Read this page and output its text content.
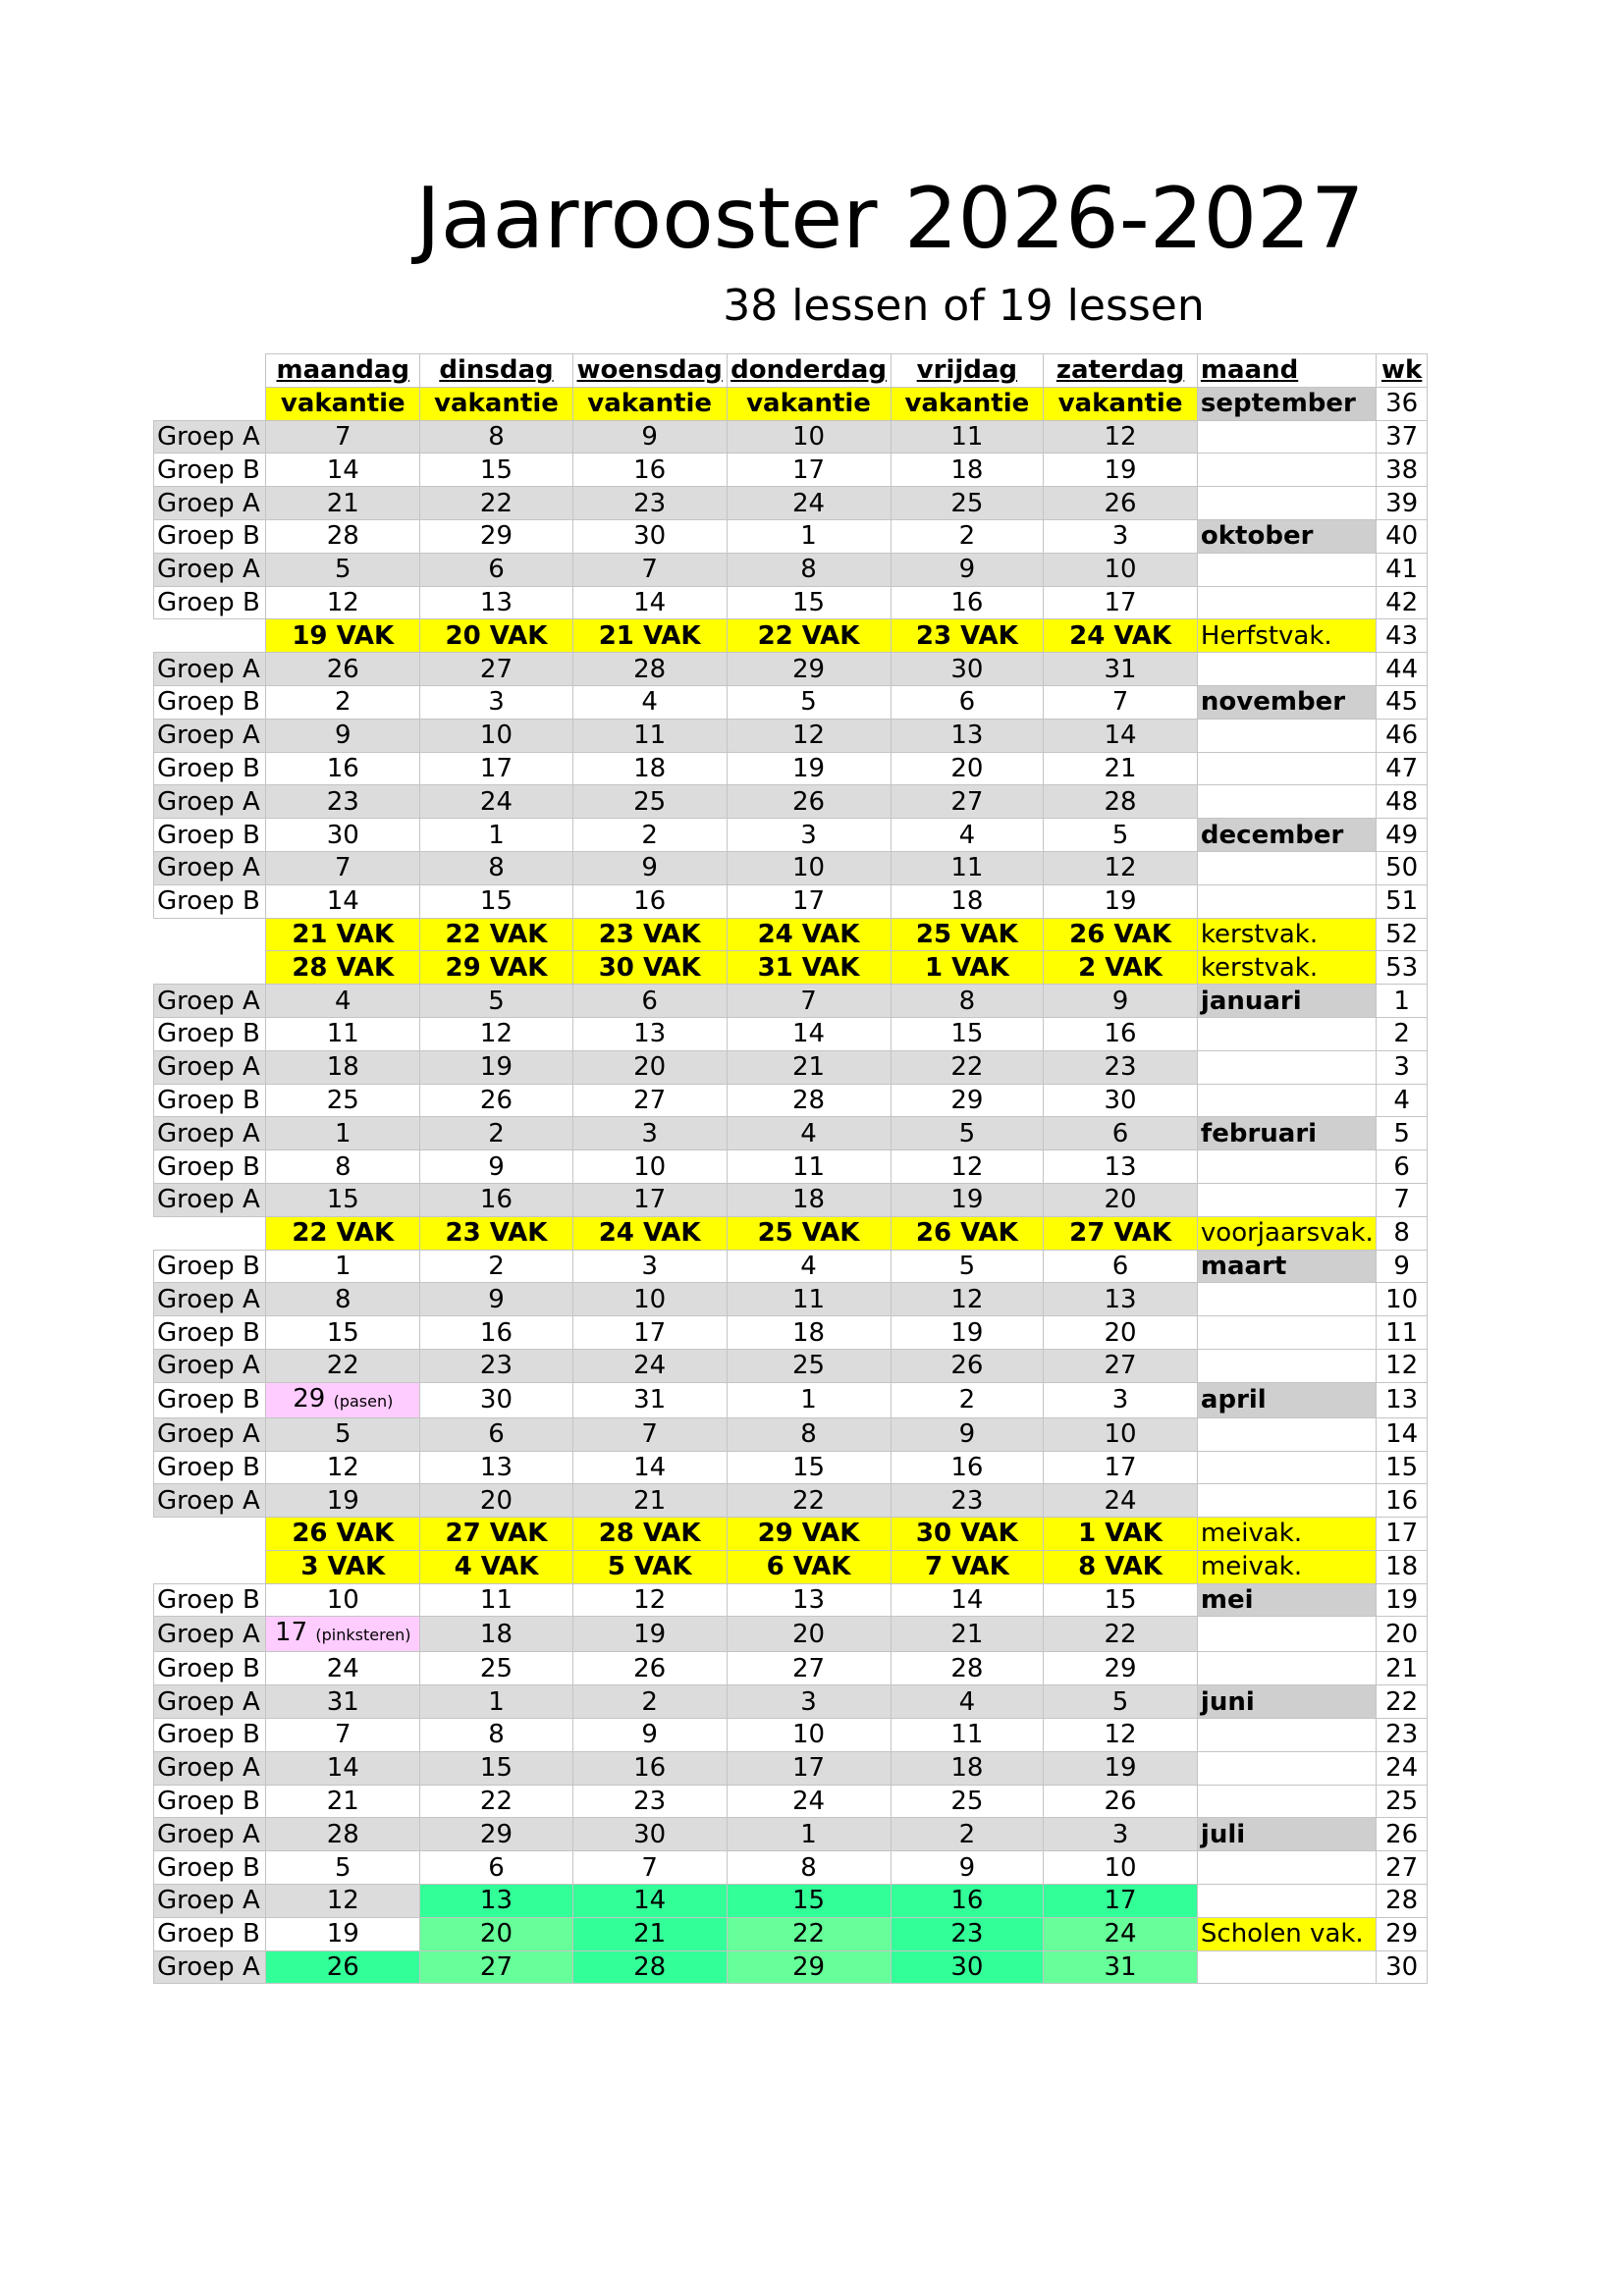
Jaarrooster 2026-2027
38 lessen of 19 lessen
	maandag	dinsdag	woensdag	donderdag	vrijdag	zaterdag	maand	wk
	vakantie	vakantie	vakantie	vakantie	vakantie	vakantie	september	36
Groep A	7	8	9	10	11	12		37
Groep B	14	15	16	17	18	19		38
Groep A	21	22	23	24	25	26		39
Groep B	28	29	30	1	2	3	oktober	40
Groep A	5	6	7	8	9	10		41
Groep B	12	13	14	15	16	17		42
	19 VAK	20 VAK	21 VAK	22 VAK	23 VAK	24 VAK	Herfstvak.	43
Groep A	26	27	28	29	30	31		44
Groep B	2	3	4	5	6	7	november	45
Groep A	9	10	11	12	13	14		46
Groep B	16	17	18	19	20	21		47
Groep A	23	24	25	26	27	28		48
Groep B	30	1	2	3	4	5	december	49
Groep A	7	8	9	10	11	12		50
Groep B	14	15	16	17	18	19		51
	21 VAK	22 VAK	23 VAK	24 VAK	25 VAK	26 VAK	kerstvak.	52
	28 VAK	29 VAK	30 VAK	31 VAK	1 VAK	2 VAK	kerstvak.	53
Groep A	4	5	6	7	8	9	januari	1
Groep B	11	12	13	14	15	16		2
Groep A	18	19	20	21	22	23		3
Groep B	25	26	27	28	29	30		4
Groep A	1	2	3	4	5	6	februari	5
Groep B	8	9	10	11	12	13		6
Groep A	15	16	17	18	19	20		7
	22 VAK	23 VAK	24 VAK	25 VAK	26 VAK	27 VAK	voorjaarsvak.	8
Groep B	1	2	3	4	5	6	maart	9
Groep A	8	9	10	11	12	13		10
Groep B	15	16	17	18	19	20		11
Groep A	22	23	24	25	26	27		12
Groep B	29 (pasen)	30	31	1	2	3	april	13
Groep A	5	6	7	8	9	10		14
Groep B	12	13	14	15	16	17		15
Groep A	19	20	21	22	23	24		16
	26 VAK	27 VAK	28 VAK	29 VAK	30 VAK	1 VAK	meivak.	17
	3 VAK	4 VAK	5 VAK	6 VAK	7 VAK	8 VAK	meivak.	18
Groep B	10	11	12	13	14	15	mei	19
Groep A	17 (pinksteren)	18	19	20	21	22		20
Groep B	24	25	26	27	28	29		21
Groep A	31	1	2	3	4	5	juni	22
Groep B	7	8	9	10	11	12		23
Groep A	14	15	16	17	18	19		24
Groep B	21	22	23	24	25	26		25
Groep A	28	29	30	1	2	3	juli	26
Groep B	5	6	7	8	9	10		27
Groep A	12	13	14	15	16	17		28
Groep B	19	20	21	22	23	24	Scholen vak.	29
Groep A	26	27	28	29	30	31		30
